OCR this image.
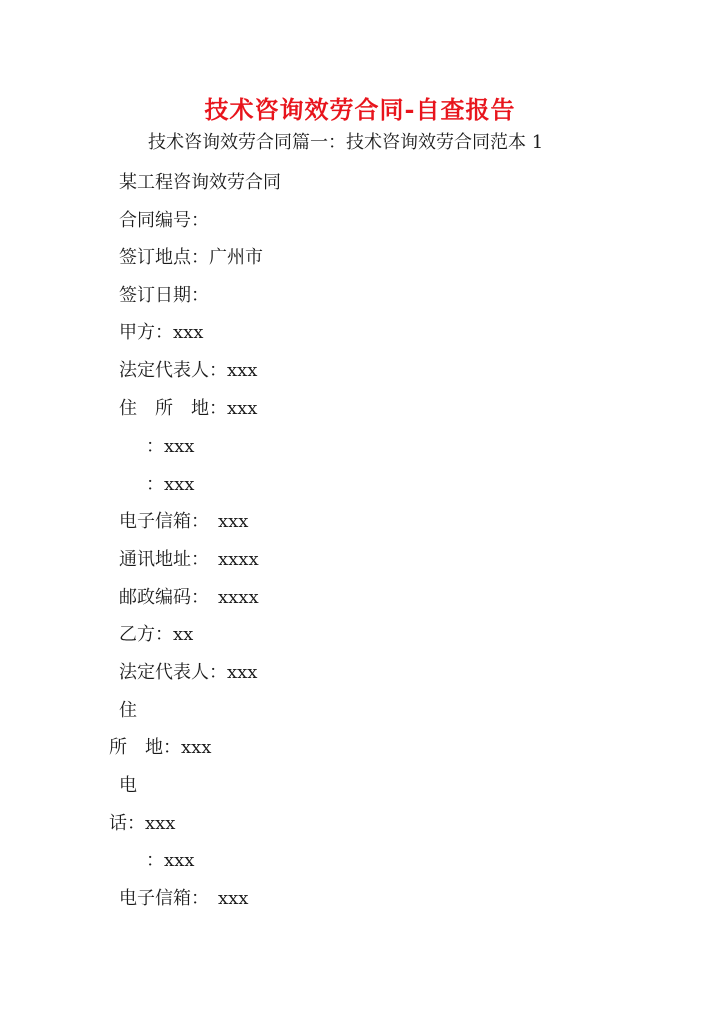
技术咨询效劳合同-自查报告
技术咨询效劳合同篇一：技术咨询效劳合同范本 1
某工程咨询效劳合同
合同编号：
签订地点：广州市
签订日期：
甲方：xxx
法定代表人：xxx
住　所　地：xxx
：xxx
：xxx
电子信箱：　xxx
通讯地址：　xxxx
邮政编码：　xxxx
乙方：xx
法定代表人：xxx
住
所　地：xxx
电
话：xxx
：xxx
电子信箱：　xxx
